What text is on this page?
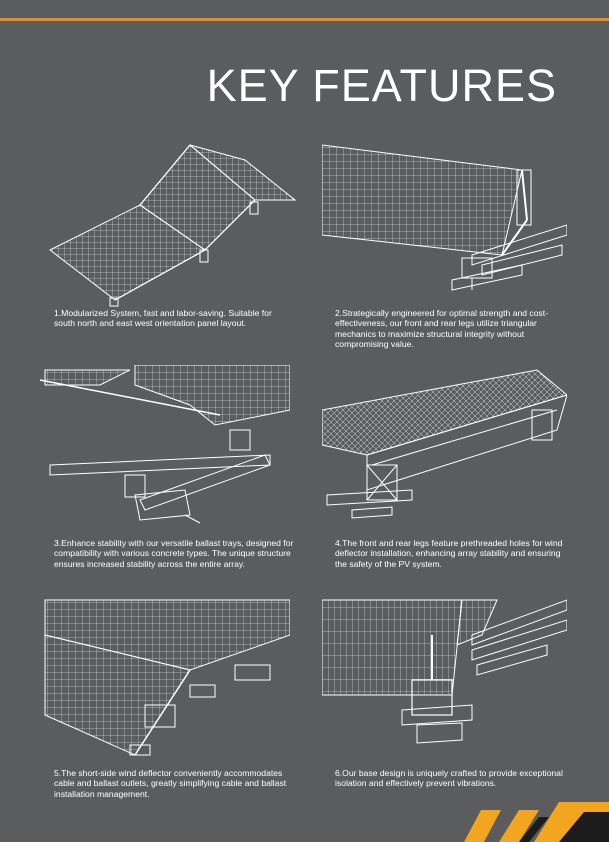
KEY FEATURES

1.Modularized System, fast and labor-saving. Suitable for south north and east west orientation panel layout.

2.Strategically engineered for optimal strength and cost-effectiveness, our front and rear legs utilize triangular mechanics to maximize structural integrity without compromising value.

3.Enhance stability with our versatile ballast trays, designed for compatibility with various concrete types. The unique structure ensures increased stability across the entire array.

4.The front and rear legs feature prethreaded holes for wind deflector installation, enhancing array stability and ensuring the safety of the PV system.

5.The short-side wind deflector conveniently accommodates cable and ballast outlets, greatly simplifying cable and ballast installation management.

6.Our base design is uniquely crafted to provide exceptional isolation and effectively prevent vibrations.
